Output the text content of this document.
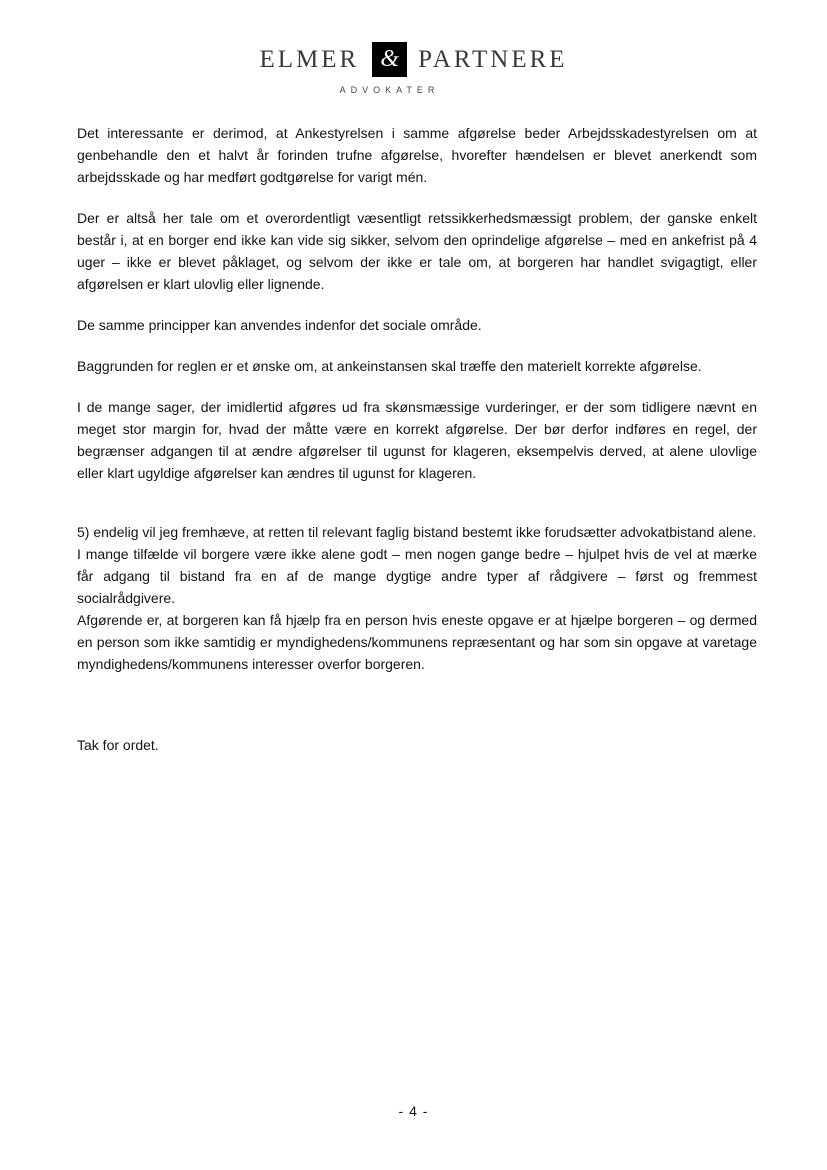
ELMER & PARTNERE
ADVOKATER

Det interessante er derimod, at Ankestyrelsen i samme afgørelse beder Arbejdsskadestyrelsen om at genbehandle den et halvt år forinden trufne afgørelse, hvorefter hændelsen er blevet anerkendt som arbejdsskade og har medført godtgørelse for varigt mén.

Der er altså her tale om et overordentligt væsentligt retssikkerhedsmæssigt problem, der ganske enkelt består i, at en borger end ikke kan vide sig sikker, selvom den oprindelige afgørelse – med en ankefrist på 4 uger – ikke er blevet påklaget, og selvom der ikke er tale om, at borgeren har handlet svigagtigt, eller afgørelsen er klart ulovlig eller lignende.

De samme principper kan anvendes indenfor det sociale område.

Baggrunden for reglen er et ønske om, at ankeinstansen skal træffe den materielt korrekte afgørelse.

I de mange sager, der imidlertid afgøres ud fra skønsmæssige vurderinger, er der som tidligere nævnt en meget stor margin for, hvad der måtte være en korrekt afgørelse. Der bør derfor indføres en regel, der begrænser adgangen til at ændre afgørelser til ugunst for klageren, eksempelvis derved, at alene ulovlige eller klart ugyldige afgørelser kan ændres til ugunst for klageren.

5) endelig vil jeg fremhæve, at retten til relevant faglig bistand bestemt ikke forudsætter advokatbistand alene.

I mange tilfælde vil borgere være ikke alene godt – men nogen gange bedre – hjulpet hvis de vel at mærke får adgang til bistand fra en af de mange dygtige andre typer af rådgivere – først og fremmest socialrådgivere.

Afgørende er, at borgeren kan få hjælp fra en person hvis eneste opgave er at hjælpe borgeren – og dermed en person som ikke samtidig er myndighedens/kommunens repræsentant og har som sin opgave at varetage myndighedens/kommunens interesser overfor borgeren.

Tak for ordet.

- 4 -
